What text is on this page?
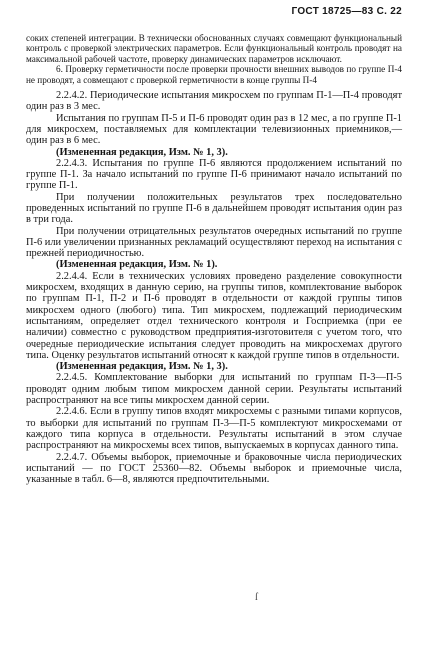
ГОСТ 18725—83 С. 22

соких степеней интеграции. В технически обоснованных случаях совмещают функциональный контроль с проверкой электрических параметров. Если функциональный контроль проводят на максимальной рабочей частоте, проверку динамических параметров исключают.

6. Проверку герметичности после проверки прочности внешних выводов по группе П-4 не проводят, а совмещают с проверкой герметичности в конце группы П-4

2.2.4.2. Периодические испытания микросхем по группам П-1—П-4 проводят один раз в 3 мес.

Испытания по группам П-5 и П-6 проводят один раз в 12 мес, а по группе П-1 для микросхем, поставляемых для комплектации телевизионных приемников,— один раз в 6 мес.

(Измененная редакция, Изм. № 1, 3).

2.2.4.3. Испытания по группе П-6 являются продолжением испытаний по группе П-1. За начало испытаний по группе П-6 принимают начало испытаний по группе П-1.

При получении положительных результатов трех последовательно проведенных испытаний по группе П-6 в дальнейшем проводят испытания один раз в три года.

При получении отрицательных результатов очередных испытаний по группе П-6 или увеличении признанных рекламаций осуществляют переход на испытания с прежней периодичностью.

(Измененная редакция, Изм. № 1).

2.2.4.4. Если в технических условиях проведено разделение совокупности микросхем, входящих в данную серию, на группы типов, комплектование выборок по группам П-1, П-2 и П-6 проводят в отдельности от каждой группы типов микросхем одного (любого) типа. Тип микросхем, подлежащий периодическим испытаниям, определяет отдел технического контроля и Госприемка (при ее наличии) совместно с руководством предприятия-изготовителя с учетом того, что очередные периодические испытания следует проводить на микросхемах другого типа. Оценку результатов испытаний относят к каждой группе типов в отдельности.

(Измененная редакция, Изм. № 1, 3).

2.2.4.5. Комплектование выборки для испытаний по группам П-3—П-5 проводят одним любым типом микросхем данной серии. Результаты испытаний распространяют на все типы микросхем данной серии.

2.2.4.6. Если в группу типов входят микросхемы с разными типами корпусов, то выборки для испытаний по группам П-3—П-5 комплектуют микросхемами от каждого типа корпуса в отдельности. Результаты испытаний в этом случае распространяют на микросхемы всех типов, выпускаемых в корпусах данного типа.

2.2.4.7. Объемы выборок, приемочные и браковочные числа периодических испытаний — по ГОСТ 25360—82. Объемы выборок и приемочные числа, указанные в табл. 6—8, являются предпочтительными.

ſ
